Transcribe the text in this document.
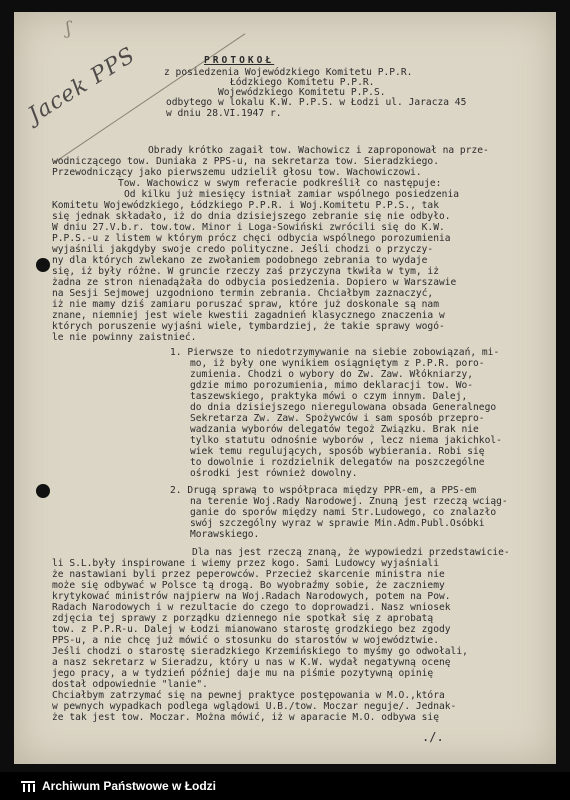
ʃ
Jacek PPS

	PROTOKOŁ

z posiedzenia Wojewódzkiego Komitetu P.P.R.

Łódzkiego Komitetu P.P.R.

Wojewódzkiego Komitetu P.P.S.

odbytego w lokalu K.W. P.P.S. w Łodzi ul. Jaracza 45

w dniu 28.VI.1947 r.

Obrady krótko zagaił tow. Wachowicz i zaproponował na prze-

wodniczącego tow. Duniaka z PPS-u, na sekretarza tow. Sieradzkiego.

Przewodniczący jako pierwszemu udzielił głosu tow. Wachowiczowi.

Tow. Wachowicz w swym referacie podkreślił co następuje:

Od kilku już miesięcy istniał zamiar wspólnego posiedzenia

Komitetu Wojewódzkiego, Łódzkiego P.P.R. i Woj.Komitetu P.P.S., tak

się jednak składało, iż do dnia dzisiejszego zebranie się nie odbyło.

W dniu 27.V.b.r. tow.tow. Minor i Loga-Sowiński zwrócili się do K.W.

P.P.S.-u z listem w którym prócz chęci odbycia wspólnego porozumienia

wyjaśnili jakgdyby swoje credo polityczne. Jeśli chodzi o przyczy-

ny dla których zwlekano ze zwołaniem podobnego zebrania to wydaje

się, iż były różne. W gruncie rzeczy zaś przyczyna tkwiła w tym, iż

żadna ze stron nienadążała do odbycia posiedzenia. Dopiero w Warszawie

na Sesji Sejmowej uzgodniono termin zebrania. Chciałbym zaznaczyć,

iż nie mamy dziś zamiaru poruszać spraw, które już doskonale są nam

znane, niemniej jest wiele kwestii zagadnień klasycznego znaczenia w

których poruszenie wyjaśni wiele, tymbardziej, że takie sprawy wogó-

le nie powinny zaistnieć.

1. Pierwsze to niedotrzymywanie na siebie zobowiązań, mi-

mo, iż były one wynikiem osiągniętym z P.P.R. poro-

zumienia. Chodzi o wybory do Zw. Zaw. Włókniarzy,

gdzie mimo porozumienia, mimo deklaracji tow. Wo-

taszewskiego, praktyka mówi o czym innym. Dalej,

do dnia dzisiejszego nieregulowana obsada Generalnego

Sekretarza Zw. Zaw. Spożywców i sam sposób przepro-

wadzania wyborów delegatów tegoż Związku. Brak nie

tylko statutu odnośnie wyborów , lecz niema jakichkol-

wiek temu regulujących, sposób wybierania. Robi się

to dowolnie i rozdzielnik delegatów na poszczególne

ośrodki jest również dowolny.

2. Drugą sprawą to współpraca między PPR-em, a PPS-em

na terenie Woj.Rady Narodowej. Znuną jest rzeczą wciąg-

ganie do sporów między nami Str.Ludowego, co znalazło

swój szczególny wyraz w sprawie Min.Adm.Publ.Osóbki

Morawskiego.

Dla nas jest rzeczą znaną, że wypowiedzi przedstawicie-

li S.L.były inspirowane i wiemy przez kogo. Sami Ludowcy wyjaśniali

że nastawiani byli przez peperowców. Przecież skarcenie ministra nie

może się odbywać w Polsce tą drogą. Bo wyobraźmy sobie, że zaczniemy

krytykować ministrów najpierw na Woj.Radach Narodowych, potem na Pow.

Radach Narodowych i w rezultacie do czego to doprowadzi. Nasz wniosek

zdjęcia tej sprawy z porządku dziennego nie spotkał się z aprobatą

tow. z P.P.R-u. Dalej w Łodzi mianowano starostę grodzkiego bez zgody

PPS-u, a nie chcę już mówić o stosunku do starostów w województwie.

Jeśli chodzi o starostę sieradzkiego Krzemińskiego to myśmy go odwołali,

a nasz sekretarz w Sieradzu, który u nas w K.W. wydał negatywną ocenę

jego pracy, a w tydzień później daje mu na piśmie pozytywną opinię

dostał odpowiednie "lanie".

Chciałbym zatrzymać się na pewnej praktyce postępowania w M.O.,która

w pewnych wypadkach podlega wglądowi U.B./tow. Moczar neguje/. Jednak-

że tak jest tow. Moczar. Można mówić, iż w aparacie M.O. odbywa się

./.
Archiwum Państwowe w Łodzi
